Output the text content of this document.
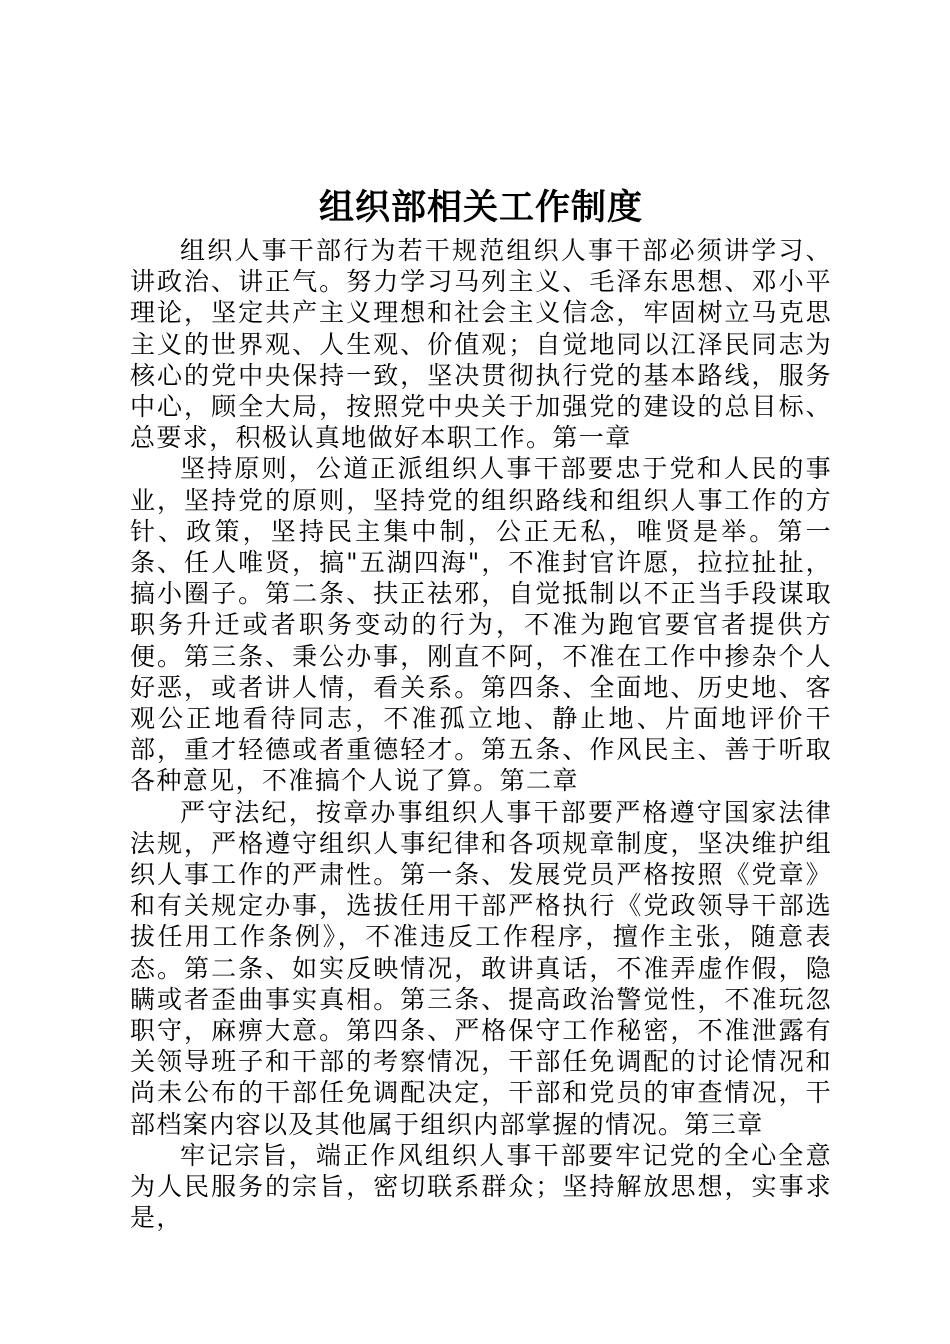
组织部相关工作制度

组织人事干部行为若干规范组织人事干部必须讲学习、讲政治、讲正气。努力学习马列主义、毛泽东思想、邓小平理论，坚定共产主义理想和社会主义信念，牢固树立马克思主义的世界观、人生观、价值观；自觉地同以江泽民同志为核心的党中央保持一致，坚决贯彻执行党的基本路线，服务中心，顾全大局，按照党中央关于加强党的建设的总目标、总要求，积极认真地做好本职工作。第一章

坚持原则，公道正派组织人事干部要忠于党和人民的事业，坚持党的原则，坚持党的组织路线和组织人事工作的方针、政策，坚持民主集中制，公正无私，唯贤是举。第一条、任人唯贤，搞"五湖四海"，不准封官许愿，拉拉扯扯，搞小圈子。第二条、扶正祛邪，自觉抵制以不正当手段谋取职务升迁或者职务变动的行为，不准为跑官要官者提供方便。第三条、秉公办事，刚直不阿，不准在工作中掺杂个人好恶，或者讲人情，看关系。第四条、全面地、历史地、客观公正地看待同志，不准孤立地、静止地、片面地评价干部，重才轻德或者重德轻才。第五条、作风民主、善于听取各种意见，不准搞个人说了算。第二章

严守法纪，按章办事组织人事干部要严格遵守国家法律法规，严格遵守组织人事纪律和各项规章制度，坚决维护组织人事工作的严肃性。第一条、发展党员严格按照《党章》和有关规定办事，选拔任用干部严格执行《党政领导干部选拔任用工作条例》，不准违反工作程序，擅作主张，随意表态。第二条、如实反映情况，敢讲真话，不准弄虚作假，隐瞒或者歪曲事实真相。第三条、提高政治警觉性，不准玩忽职守，麻痹大意。第四条、严格保守工作秘密，不准泄露有关领导班子和干部的考察情况，干部任免调配的讨论情况和尚未公布的干部任免调配决定，干部和党员的审查情况，干部档案内容以及其他属于组织内部掌握的情况。第三章

牢记宗旨，端正作风组织人事干部要牢记党的全心全意为人民服务的宗旨，密切联系群众；坚持解放思想，实事求是，
